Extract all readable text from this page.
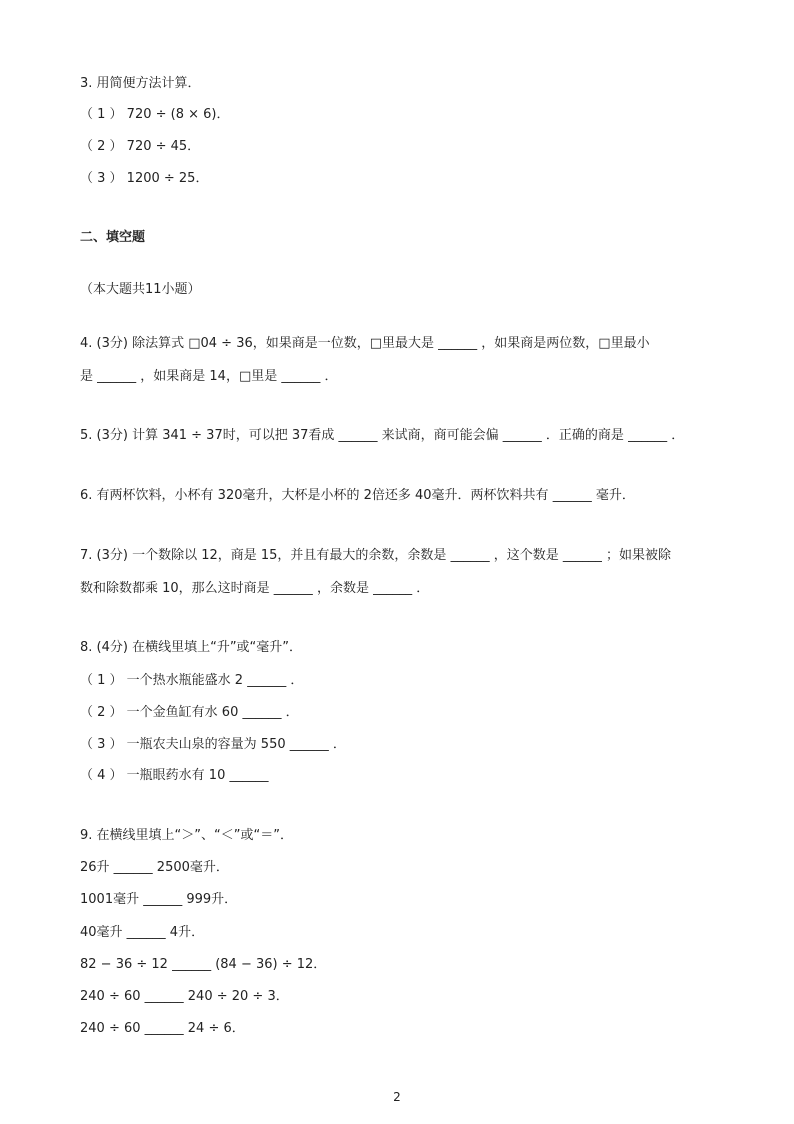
3. 用简便方法计算．
（ 1 ） 720 ÷ (8 × 6)．
（ 2 ） 720 ÷ 45．
（ 3 ） 1200 ÷ 25．
二、填空题
（本大题共11小题）
4. (3分) 除法算式 □04 ÷ 36，如果商是一位数，□里最大是 ______ ，如果商是两位数，□里最小
是 ______ ，如果商是 14，□里是 ______ ．
5. (3分) 计算 341 ÷ 37时，可以把 37看成 ______ 来试商，商可能会偏 ______ ．正确的商是 ______ ．
6. 有两杯饮料，小杯有 320毫升，大杯是小杯的 2倍还多 40毫升．两杯饮料共有 ______ 毫升．
7. (3分) 一个数除以 12，商是 15，并且有最大的余数，余数是 ______ ，这个数是 ______ ；如果被除
数和除数都乘 10，那么这时商是 ______ ，余数是 ______ ．
8. (4分) 在横线里填上“升”或“毫升”．
（ 1 ） 一个热水瓶能盛水 2 ______ ．
（ 2 ） 一个金鱼缸有水 60 ______ ．
（ 3 ） 一瓶农夫山泉的容量为 550 ______ ．
（ 4 ） 一瓶眼药水有 10 ______
9. 在横线里填上“＞”、“＜”或“＝”．
26升 ______ 2500毫升．
1001毫升 ______ 999升．
40毫升 ______ 4升．
82 − 36 ÷ 12 ______ (84 − 36) ÷ 12．
240 ÷ 60 ______ 240 ÷ 20 ÷ 3．
240 ÷ 60 ______ 24 ÷ 6．
2
